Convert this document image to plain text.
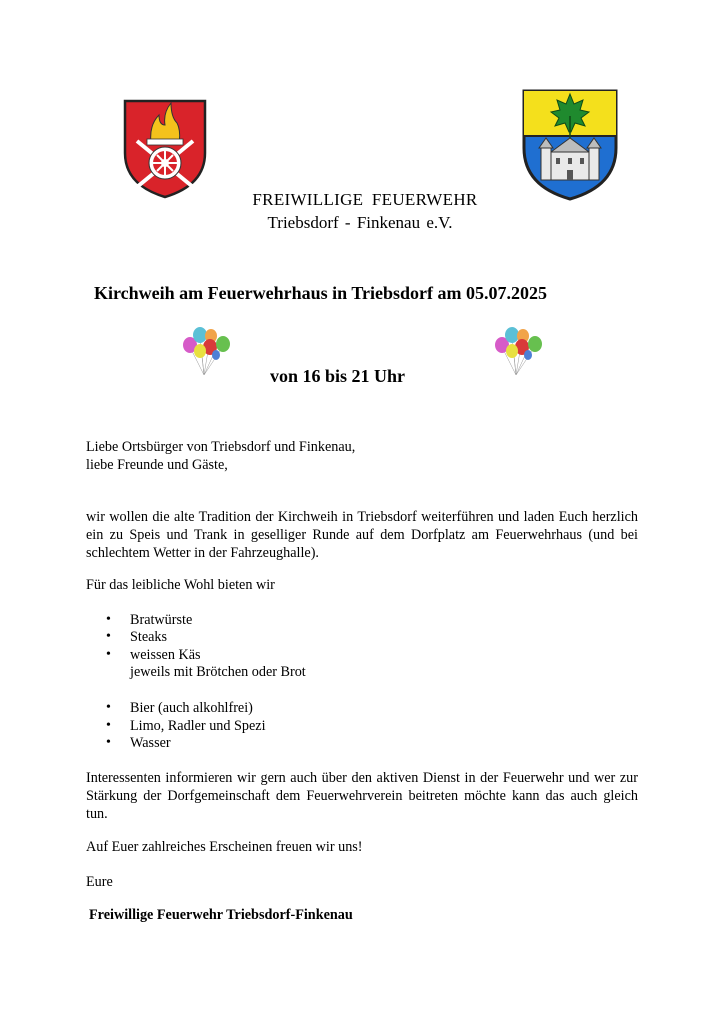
FREIWILLIGE FEUERWEHR
Triebsdorf - Finkenau e.V.
Kirchweih am Feuerwehrhaus in Triebsdorf am 05.07.2025
von 16 bis 21 Uhr
Liebe Ortsbürger von Triebsdorf und Finkenau,
liebe Freunde und Gäste,
wir wollen die alte Tradition der Kirchweih in Triebsdorf weiterführen und laden Euch herzlich ein zu Speis und Trank in geselliger Runde auf dem Dorfplatz am Feuerwehrhaus (und bei schlechtem Wetter in der Fahrzeughalle).
Für das leibliche Wohl bieten wir
• Bratwürste
• Steaks
• weissen Käs
jeweils mit Brötchen oder Brot
• Bier (auch alkohlfrei)
• Limo, Radler und Spezi
• Wasser
Interessenten informieren wir gern auch über den aktiven Dienst in der Feuerwehr und wer zur Stärkung der Dorfgemeinschaft dem Feuerwehrverein beitreten möchte kann das auch gleich tun.
Auf Euer zahlreiches Erscheinen freuen wir uns!
Eure
Freiwillige Feuerwehr Triebsdorf-Finkenau
